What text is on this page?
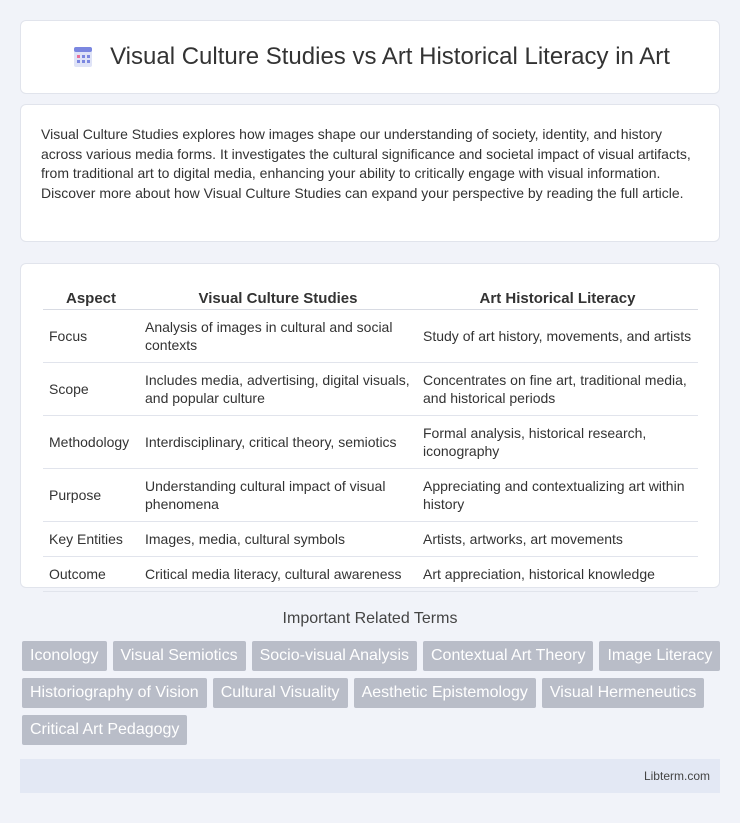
Visual Culture Studies vs Art Historical Literacy in Art

Visual Culture Studies explores how images shape our understanding of society, identity, and history across various media forms. It investigates the cultural significance and societal impact of visual artifacts, from traditional art to digital media, enhancing your ability to critically engage with visual information. Discover more about how Visual Culture Studies can expand your perspective by reading the full article.

Aspect	Visual Culture Studies	Art Historical Literacy
Focus	Analysis of images in cultural and social contexts	Study of art history, movements, and artists
Scope	Includes media, advertising, digital visuals, and popular culture	Concentrates on fine art, traditional media, and historical periods
Methodology	Interdisciplinary, critical theory, semiotics	Formal analysis, historical research, iconography
Purpose	Understanding cultural impact of visual phenomena	Appreciating and contextualizing art within history
Key Entities	Images, media, cultural symbols	Artists, artworks, art movements
Outcome	Critical media literacy, cultural awareness	Art appreciation, historical knowledge
Important Related Terms
Iconology	Visual Semiotics	Socio-visual Analysis	Contextual Art Theory	Image Literacy
Historiography of Vision	Cultural Visuality	Aesthetic Epistemology	Visual Hermeneutics
Critical Art Pedagogy
Libterm.com
